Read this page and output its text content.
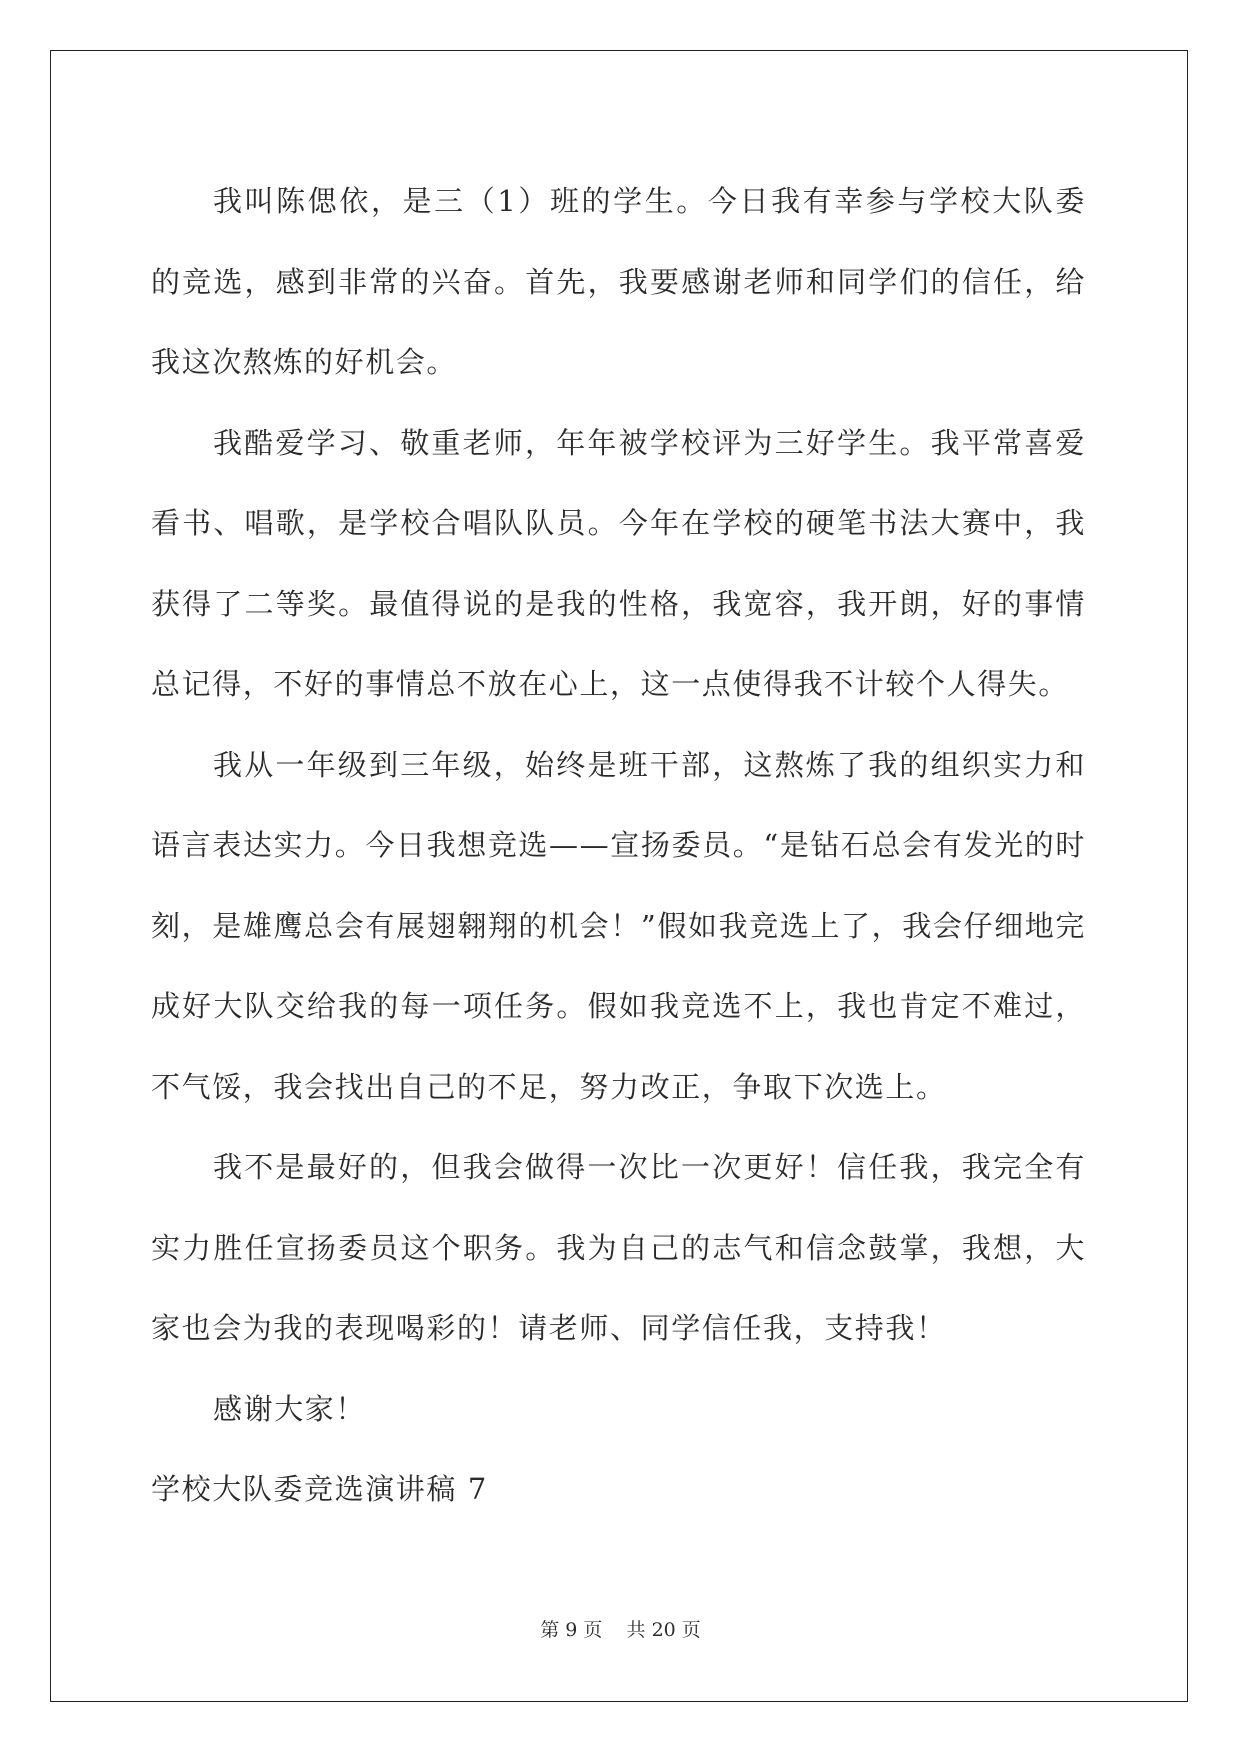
我叫陈偲依，是三（1）班的学生。今日我有幸参与学校大队委的竞选，感到非常的兴奋。首先，我要感谢老师和同学们的信任，给我这次熬炼的好机会。

我酷爱学习、敬重老师，年年被学校评为三好学生。我平常喜爱看书、唱歌，是学校合唱队队员。今年在学校的硬笔书法大赛中，我获得了二等奖。最值得说的是我的性格，我宽容，我开朗，好的事情总记得，不好的事情总不放在心上，这一点使得我不计较个人得失。

我从一年级到三年级，始终是班干部，这熬炼了我的组织实力和语言表达实力。今日我想竞选——宣扬委员。“是钻石总会有发光的时刻，是雄鹰总会有展翅翱翔的机会！”假如我竞选上了，我会仔细地完成好大队交给我的每一项任务。假如我竞选不上，我也肯定不难过，不气馁，我会找出自己的不足，努力改正，争取下次选上。

我不是最好的，但我会做得一次比一次更好！信任我，我完全有实力胜任宣扬委员这个职务。我为自己的志气和信念鼓掌，我想，大家也会为我的表现喝彩的！请老师、同学信任我，支持我！

感谢大家！

学校大队委竞选演讲稿 7

第 9 页 共 20 页
